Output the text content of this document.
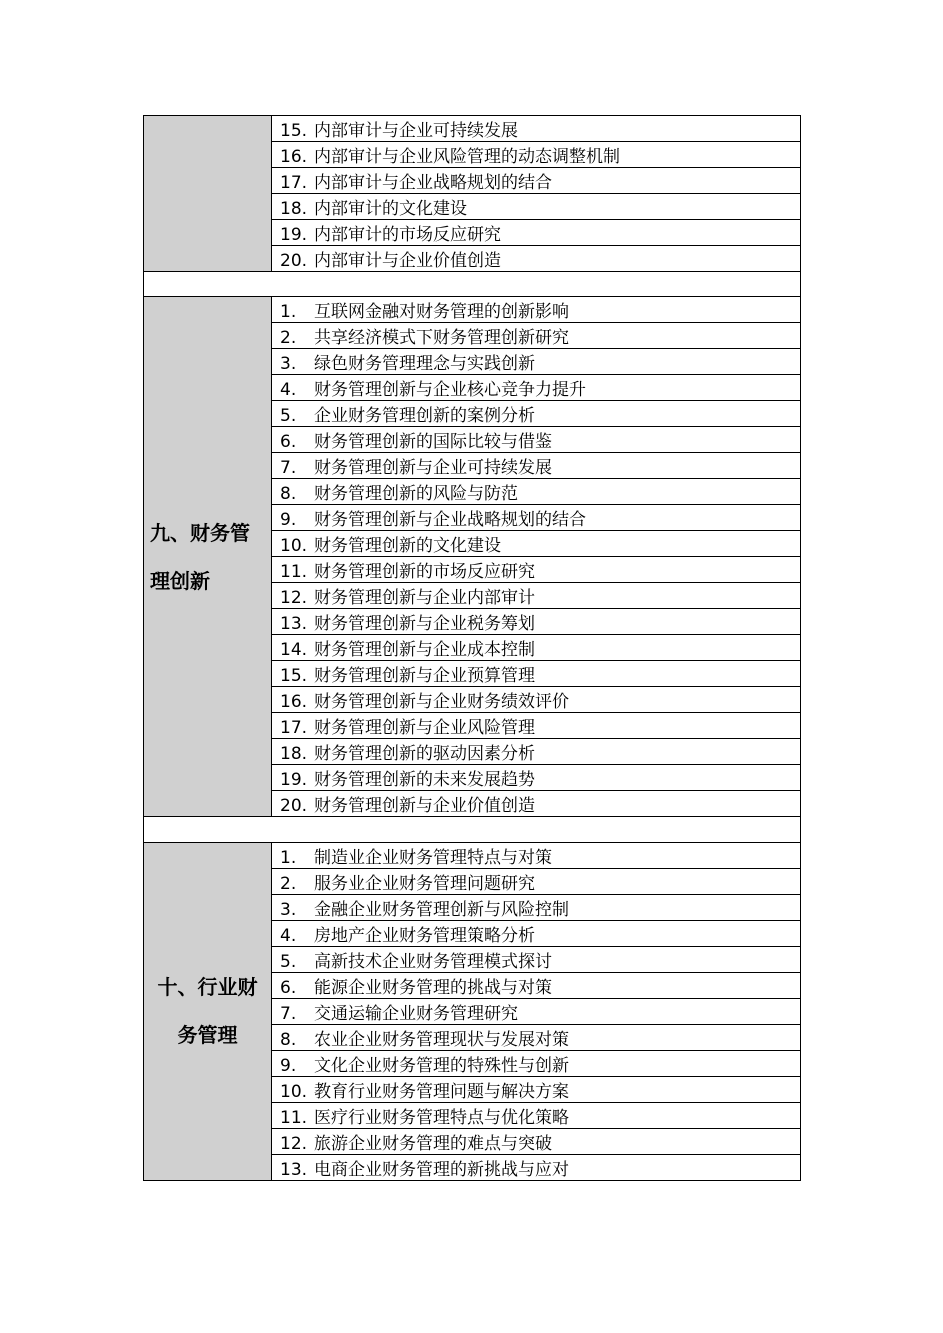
	15. 内部审计与企业可持续发展
	16. 内部审计与企业风险管理的动态调整机制
	17. 内部审计与企业战略规划的结合
	18. 内部审计的文化建设
	19. 内部审计的市场反应研究
	20. 内部审计与企业价值创造

九、财务管理创新	1. 互联网金融对财务管理的创新影响
	2. 共享经济模式下财务管理创新研究
	3. 绿色财务管理理念与实践创新
	4. 财务管理创新与企业核心竞争力提升
	5. 企业财务管理创新的案例分析
	6. 财务管理创新的国际比较与借鉴
	7. 财务管理创新与企业可持续发展
	8. 财务管理创新的风险与防范
	9. 财务管理创新与企业战略规划的结合
	10. 财务管理创新的文化建设
	11. 财务管理创新的市场反应研究
	12. 财务管理创新与企业内部审计
	13. 财务管理创新与企业税务筹划
	14. 财务管理创新与企业成本控制
	15. 财务管理创新与企业预算管理
	16. 财务管理创新与企业财务绩效评价
	17. 财务管理创新与企业风险管理
	18. 财务管理创新的驱动因素分析
	19. 财务管理创新的未来发展趋势
	20. 财务管理创新与企业价值创造

十、行业财务管理	1. 制造业企业财务管理特点与对策
	2. 服务业企业财务管理问题研究
	3. 金融企业财务管理创新与风险控制
	4. 房地产企业财务管理策略分析
	5. 高新技术企业财务管理模式探讨
	6. 能源企业财务管理的挑战与对策
	7. 交通运输企业财务管理研究
	8. 农业企业财务管理现状与发展对策
	9. 文化企业财务管理的特殊性与创新
	10. 教育行业财务管理问题与解决方案
	11. 医疗行业财务管理特点与优化策略
	12. 旅游企业财务管理的难点与突破
	13. 电商企业财务管理的新挑战与应对
